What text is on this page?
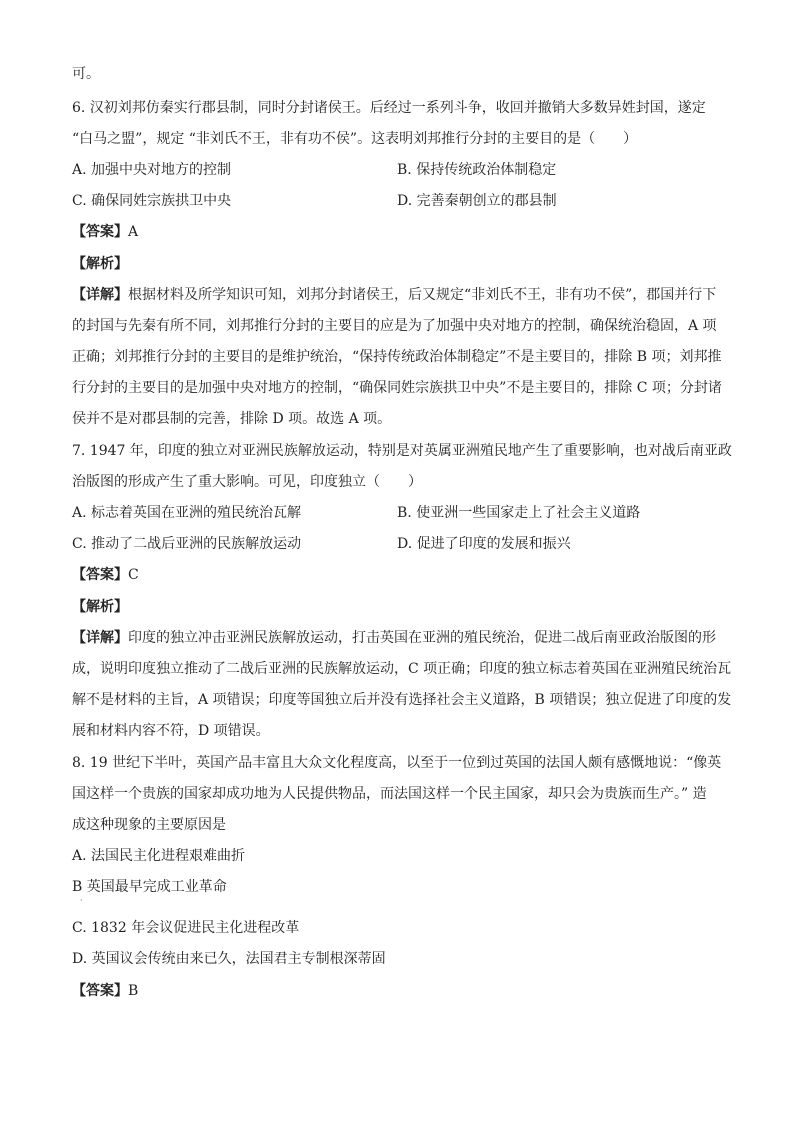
可。
6. 汉初刘邦仿秦实行郡县制，同时分封诸侯王。后经过一系列斗争，收回并撤销大多数异姓封国，遂定
“白马之盟”，规定 “非刘氏不王，非有功不侯”。这表明刘邦推行分封的主要目的是（　　）
A. 加强中央对地方的控制	B. 保持传统政治体制稳定
C. 确保同姓宗族拱卫中央	D. 完善秦朝创立的郡县制
【答案】A
【解析】
【详解】根据材料及所学知识可知，刘邦分封诸侯王，后又规定“非刘氏不王，非有功不侯”，郡国并行下
的封国与先秦有所不同，刘邦推行分封的主要目的应是为了加强中央对地方的控制，确保统治稳固，A 项
正确；刘邦推行分封的主要目的是维护统治，“保持传统政治体制稳定”不是主要目的，排除 B 项；刘邦推
行分封的主要目的是加强中央对地方的控制，“确保同姓宗族拱卫中央”不是主要目的，排除 C 项；分封诸
侯并不是对郡县制的完善，排除 D 项。故选 A 项。
7. 1947 年，印度的独立对亚洲民族解放运动，特别是对英属亚洲殖民地产生了重要影响，也对战后南亚政
治版图的形成产生了重大影响。可见，印度独立（　　）
A. 标志着英国在亚洲的殖民统治瓦解	B. 使亚洲一些国家走上了社会主义道路
C. 推动了二战后亚洲的民族解放运动	D. 促进了印度的发展和振兴
【答案】C
【解析】
【详解】印度的独立冲击亚洲民族解放运动，打击英国在亚洲的殖民统治，促进二战后南亚政治版图的形
成，说明印度独立推动了二战后亚洲的民族解放运动，C 项正确；印度的独立标志着英国在亚洲殖民统治瓦
解不是材料的主旨，A 项错误；印度等国独立后并没有选择社会主义道路，B 项错误；独立促进了印度的发
展和材料内容不符，D 项错误。
8. 19 世纪下半叶，英国产品丰富且大众文化程度高，以至于一位到过英国的法国人颇有感慨地说：“像英
国这样一个贵族的国家却成功地为人民提供物品，而法国这样一个民主国家，却只会为贵族而生产。” 造
成这种现象的主要原因是
A. 法国民主化进程艰难曲折
B 英国最早完成工业革命
·
C. 1832 年会议促进民主化进程改革
D. 英国议会传统由来已久，法国君主专制根深蒂固
【答案】B
